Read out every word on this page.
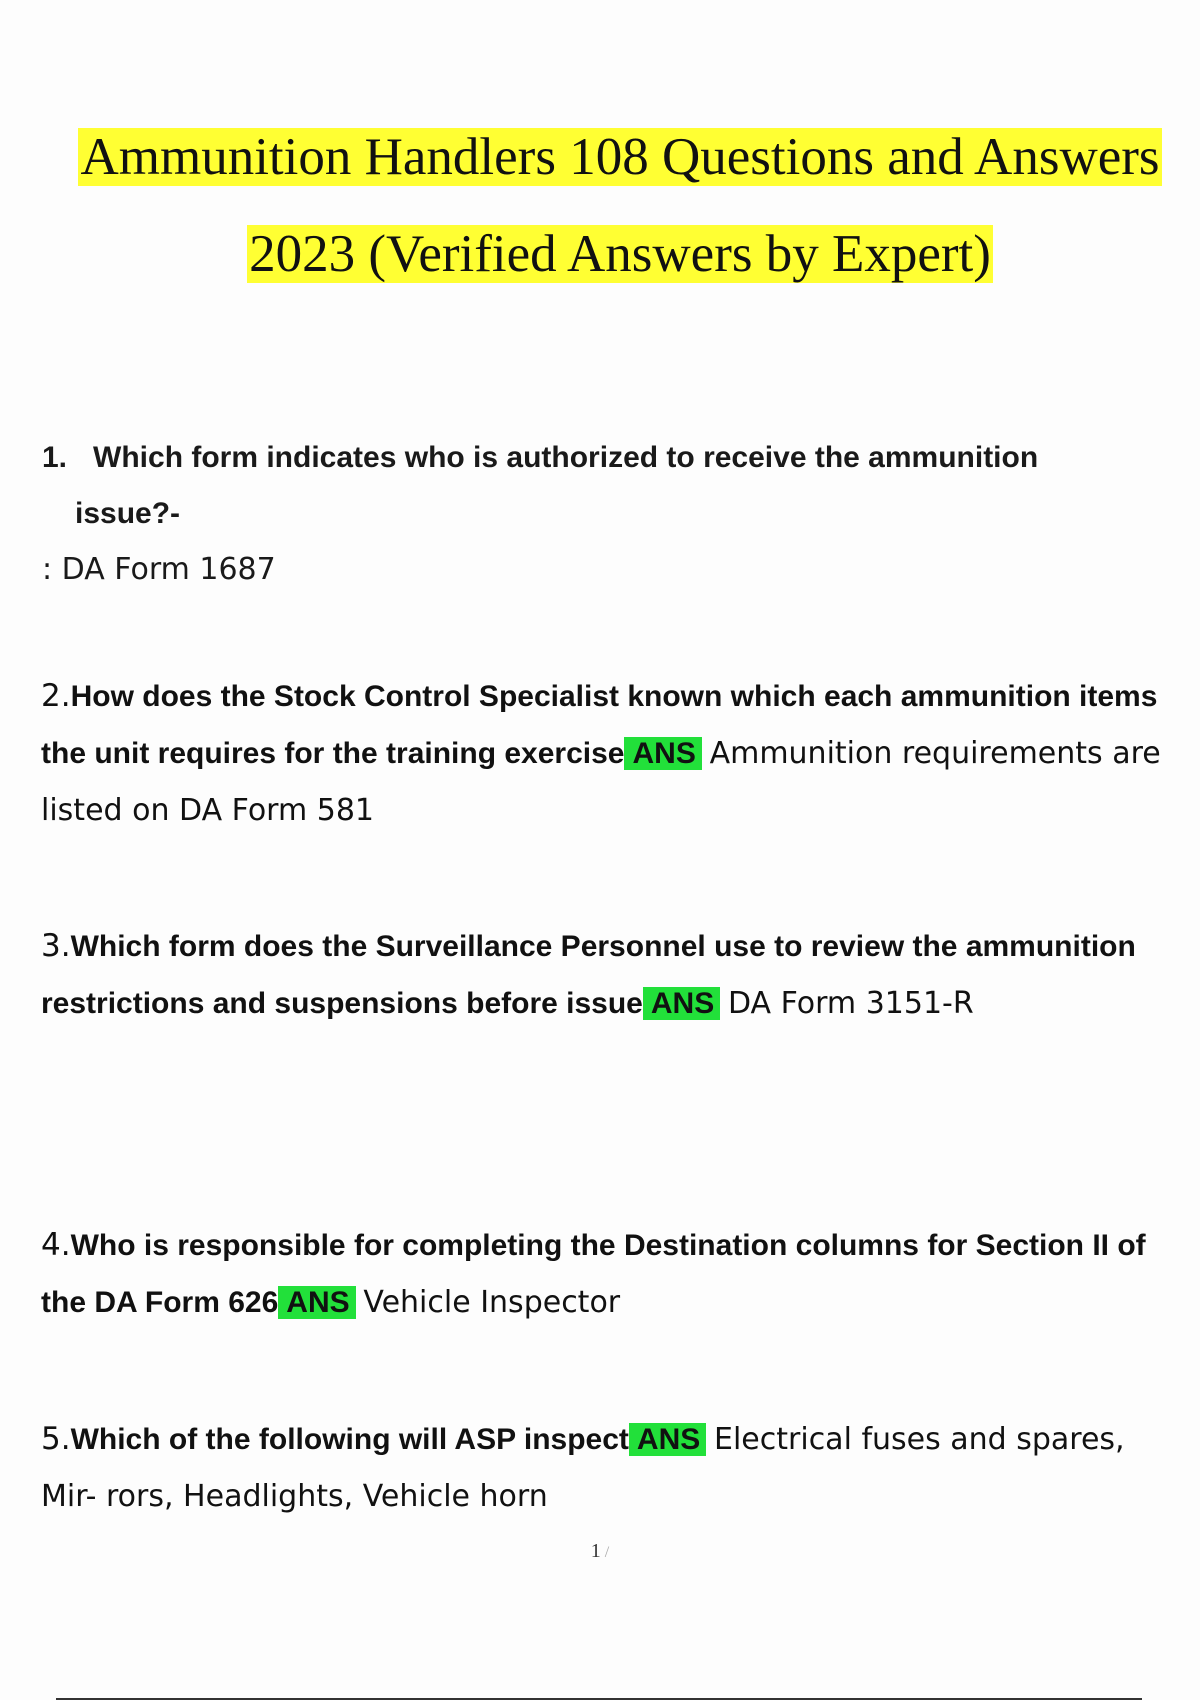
Ammunition Handlers 108 Questions and Answers
2023 (Verified Answers by Expert)
1. Which form indicates who is authorized to receive the ammunition
issue?-
: DA Form 1687
2.How does the Stock Control Specialist known which each ammunition items the unit requires for the training exercise ANS Ammunition requirements are listed on DA Form 581
3.Which form does the Surveillance Personnel use to review the ammunition restrictions and suspensions before issue ANS DA Form 3151-R
4.Who is responsible for completing the Destination columns for Section II of the DA Form 626 ANS Vehicle Inspector
5.Which of the following will ASP inspect ANS Electrical fuses and spares, Mir- rors, Headlights, Vehicle horn
1 /
